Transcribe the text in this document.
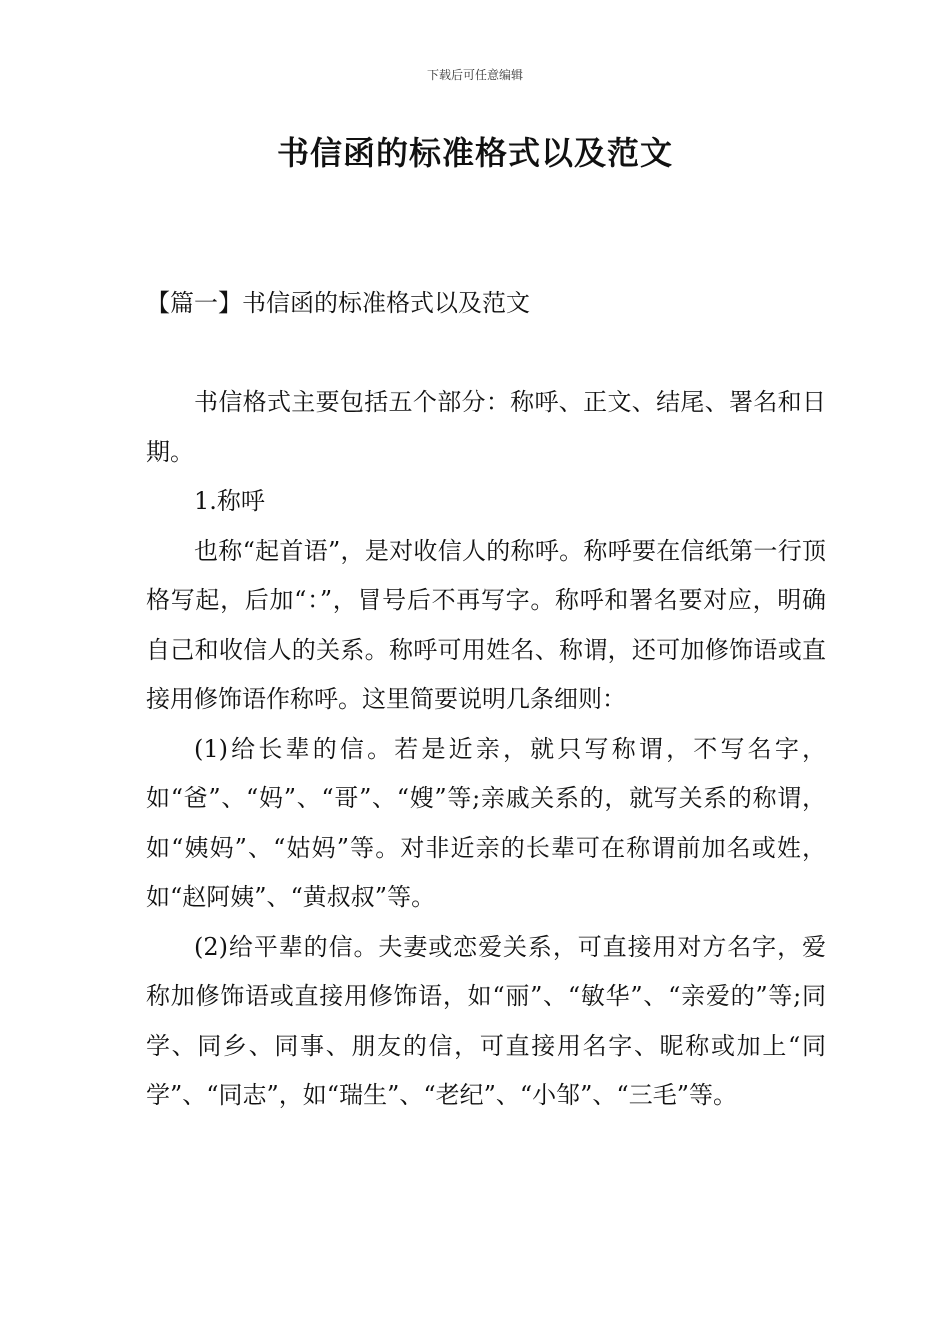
下载后可任意编辑
书信函的标准格式以及范文
【篇一】书信函的标准格式以及范文

书信格式主要包括五个部分：称呼、正文、结尾、署名和日期。

1.称呼

也称“起首语”，是对收信人的称呼。称呼要在信纸第一行顶格写起，后加“：”，冒号后不再写字。称呼和署名要对应，明确自己和收信人的关系。称呼可用姓名、称谓，还可加修饰语或直接用修饰语作称呼。这里简要说明几条细则：

(1)给长辈的信。若是近亲，就只写称谓，不写名字，如“爸”、“妈”、“哥”、“嫂”等;亲戚关系的，就写关系的称谓，如“姨妈”、“姑妈”等。对非近亲的长辈可在称谓前加名或姓，如“赵阿姨”、“黄叔叔”等。

(2)给平辈的信。夫妻或恋爱关系，可直接用对方名字，爱称加修饰语或直接用修饰语，如“丽”、“敏华”、“亲爱的”等;同学、同乡、同事、朋友的信，可直接用名字、昵称或加上“同学”、“同志”，如“瑞生”、“老纪”、“小邹”、“三毛”等。
